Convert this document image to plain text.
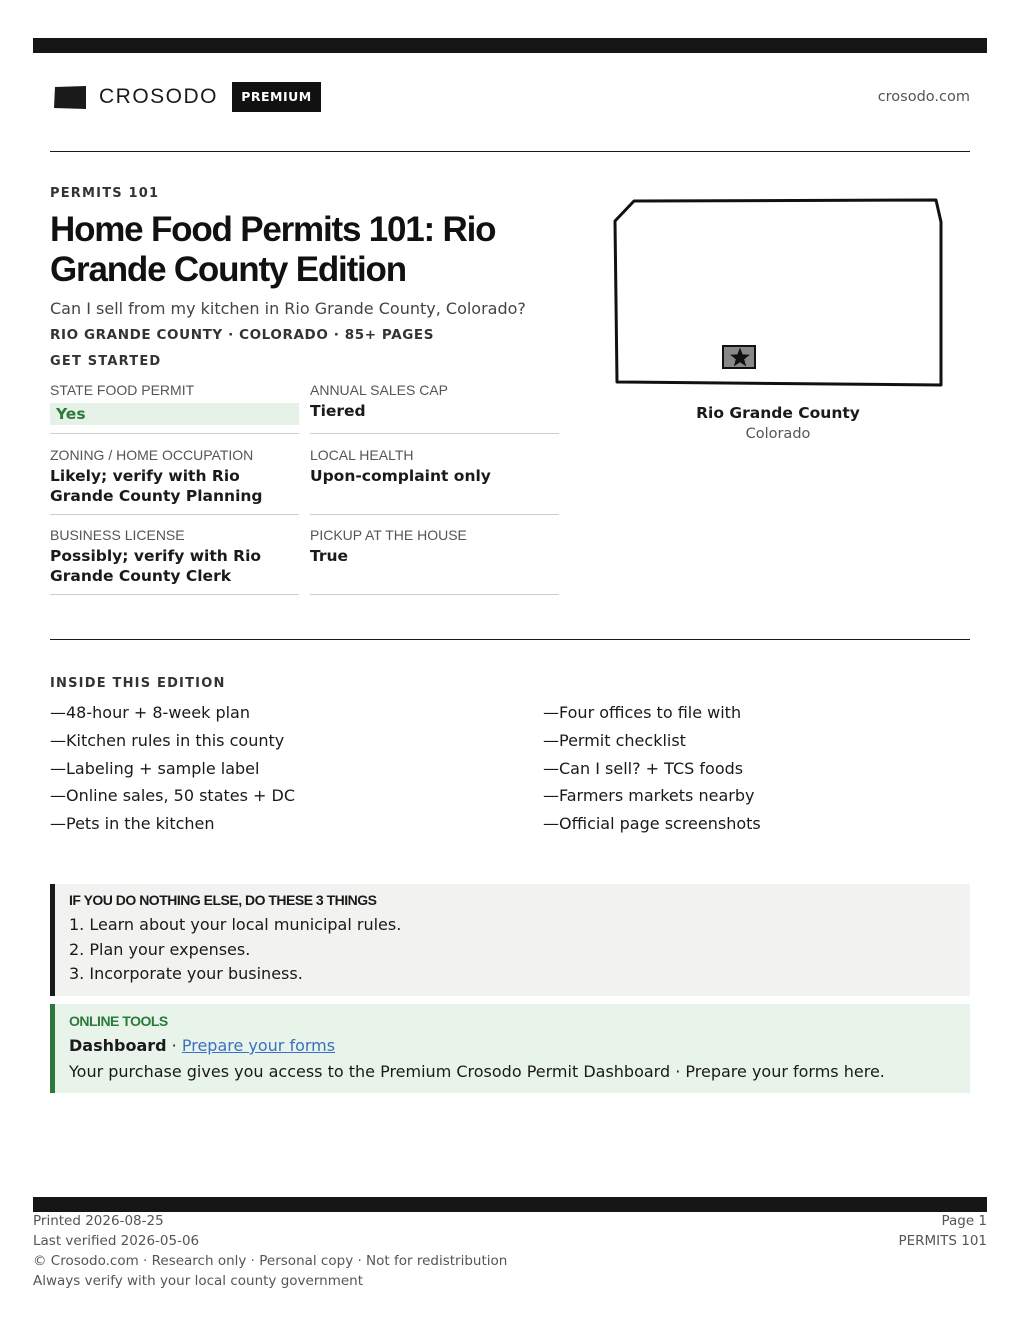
CROSODO	PREMIUM	crosodo.com
PERMITS 101
Home Food Permits 101: Rio Grande County Edition
Can I sell from my kitchen in Rio Grande County, Colorado?
RIO GRANDE COUNTY · COLORADO · 85+ PAGES
GET STARTED
STATE FOOD PERMIT
Yes
ANNUAL SALES CAP
Tiered
ZONING / HOME OCCUPATION
Likely; verify with Rio Grande County Planning
LOCAL HEALTH
Upon-complaint only
BUSINESS LICENSE
Possibly; verify with Rio Grande County Clerk
PICKUP AT THE HOUSE
True
Rio Grande County
Colorado
INSIDE THIS EDITION
—48-hour + 8-week plan	—Four offices to file with
—Kitchen rules in this county	—Permit checklist
—Labeling + sample label	—Can I sell? + TCS foods
—Online sales, 50 states + DC	—Farmers markets nearby
—Pets in the kitchen	—Official page screenshots
IF YOU DO NOTHING ELSE, DO THESE 3 THINGS
1. Learn about your local municipal rules.
2. Plan your expenses.
3. Incorporate your business.
ONLINE TOOLS
Dashboard · Prepare your forms
Your purchase gives you access to the Premium Crosodo Permit Dashboard · Prepare your forms here.
Printed 2026-08-25
Last verified 2026-05-06
© Crosodo.com · Research only · Personal copy · Not for redistribution
Always verify with your local county government
Page 1
PERMITS 101
